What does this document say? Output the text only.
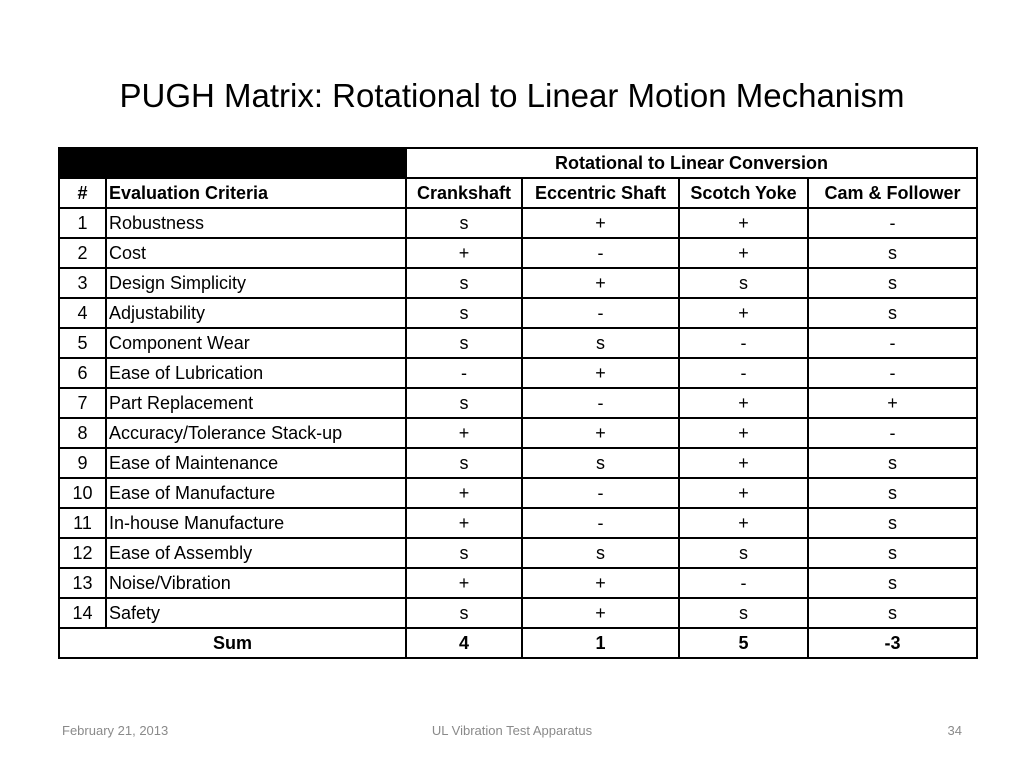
PUGH Matrix: Rotational to Linear Motion Mechanism
		Rotational to Linear Conversion			
#	Evaluation Criteria	Crankshaft	Eccentric Shaft	Scotch Yoke	Cam & Follower
1	Robustness	s	+	+	-
2	Cost	+	-	+	s
3	Design Simplicity	s	+	s	s
4	Adjustability	s	-	+	s
5	Component Wear	s	s	-	-
6	Ease of Lubrication	-	+	-	-
7	Part Replacement	s	-	+	+
8	Accuracy/Tolerance Stack-up	+	+	+	-
9	Ease of Maintenance	s	s	+	s
10	Ease of Manufacture	+	-	+	s
11	In-house Manufacture	+	-	+	s
12	Ease of Assembly	s	s	s	s
13	Noise/Vibration	+	+	-	s
14	Safety	s	+	s	s
Sum		4	1	5	-3
February 21, 2013	UL Vibration Test Apparatus	34
